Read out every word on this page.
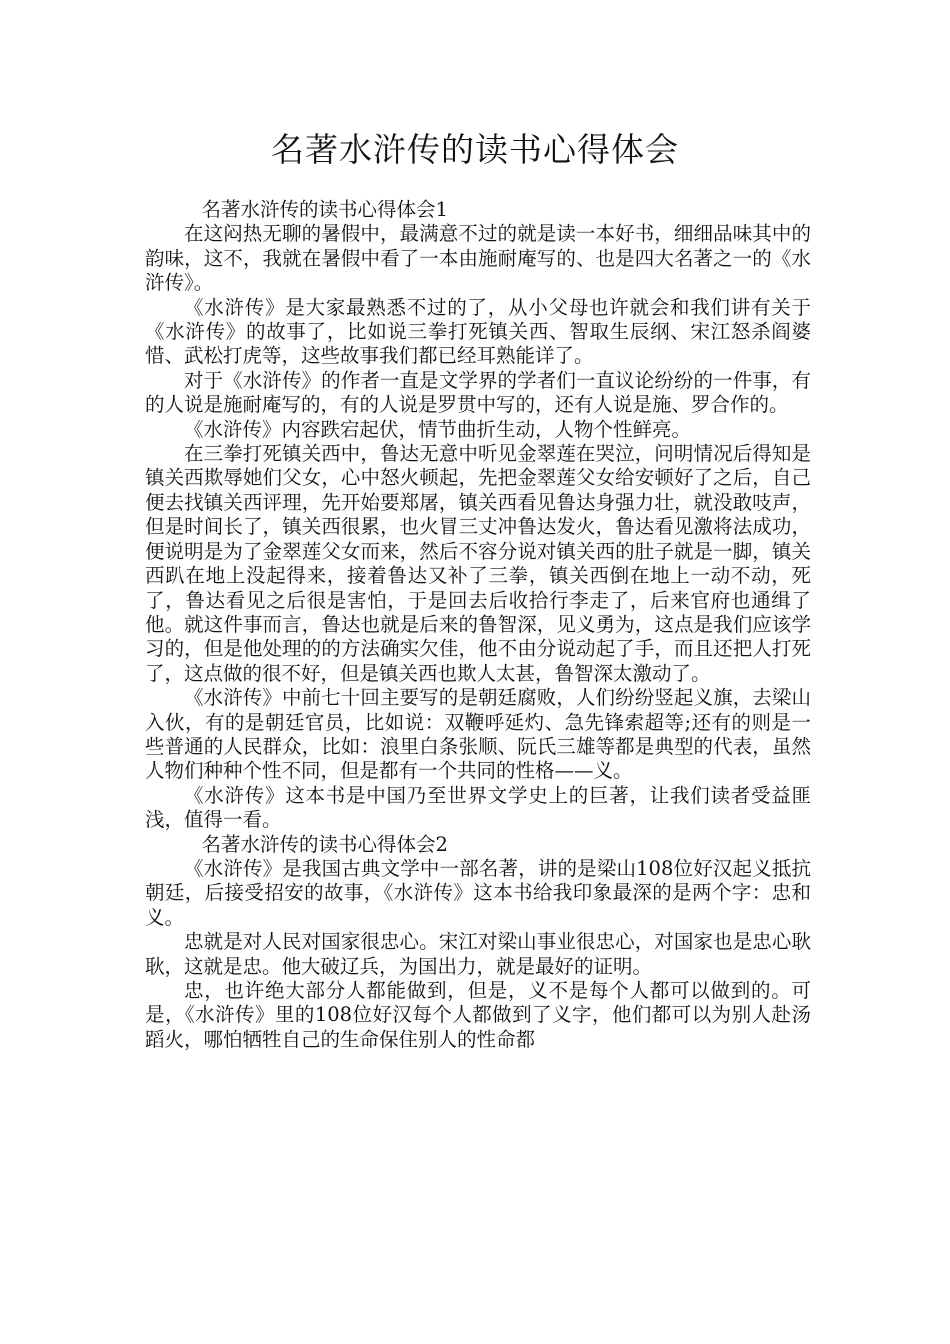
名著水浒传的读书心得体会

名著水浒传的读书心得体会1

在这闷热无聊的暑假中，最满意不过的就是读一本好书，细细品味其中的韵味，这不，我就在暑假中看了一本由施耐庵写的、也是四大名著之一的《水浒传》。

《水浒传》是大家最熟悉不过的了，从小父母也许就会和我们讲有关于《水浒传》的故事了，比如说三拳打死镇关西、智取生辰纲、宋江怒杀阎婆惜、武松打虎等，这些故事我们都已经耳熟能详了。

对于《水浒传》的作者一直是文学界的学者们一直议论纷纷的一件事，有的人说是施耐庵写的，有的人说是罗贯中写的，还有人说是施、罗合作的。

《水浒传》内容跌宕起伏，情节曲折生动，人物个性鲜亮。

在三拳打死镇关西中，鲁达无意中听见金翠莲在哭泣，问明情况后得知是镇关西欺辱她们父女，心中怒火顿起，先把金翠莲父女给安顿好了之后，自己便去找镇关西评理，先开始要郑屠，镇关西看见鲁达身强力壮，就没敢吱声，但是时间长了，镇关西很累，也火冒三丈冲鲁达发火，鲁达看见激将法成功，便说明是为了金翠莲父女而来，然后不容分说对镇关西的肚子就是一脚，镇关西趴在地上没起得来，接着鲁达又补了三拳，镇关西倒在地上一动不动，死了，鲁达看见之后很是害怕，于是回去后收拾行李走了，后来官府也通缉了他。就这件事而言，鲁达也就是后来的鲁智深，见义勇为，这点是我们应该学习的，但是他处理的的方法确实欠佳，他不由分说动起了手，而且还把人打死了，这点做的很不好，但是镇关西也欺人太甚，鲁智深太激动了。

《水浒传》中前七十回主要写的是朝廷腐败，人们纷纷竖起义旗，去梁山入伙，有的是朝廷官员，比如说：双鞭呼延灼、急先锋索超等;还有的则是一些普通的人民群众，比如：浪里白条张顺、阮氏三雄等都是典型的代表，虽然人物们种种个性不同，但是都有一个共同的性格——义。

《水浒传》这本书是中国乃至世界文学史上的巨著，让我们读者受益匪浅，值得一看。

名著水浒传的读书心得体会2

《水浒传》是我国古典文学中一部名著，讲的是梁山108位好汉起义抵抗朝廷，后接受招安的故事，《水浒传》这本书给我印象最深的是两个字：忠和义。

忠就是对人民对国家很忠心。宋江对梁山事业很忠心，对国家也是忠心耿耿，这就是忠。他大破辽兵，为国出力，就是最好的证明。

忠，也许绝大部分人都能做到，但是，义不是每个人都可以做到的。可是，《水浒传》里的108位好汉每个人都做到了义字，他们都可以为别人赴汤蹈火，哪怕牺牲自己的生命保住别人的性命都
